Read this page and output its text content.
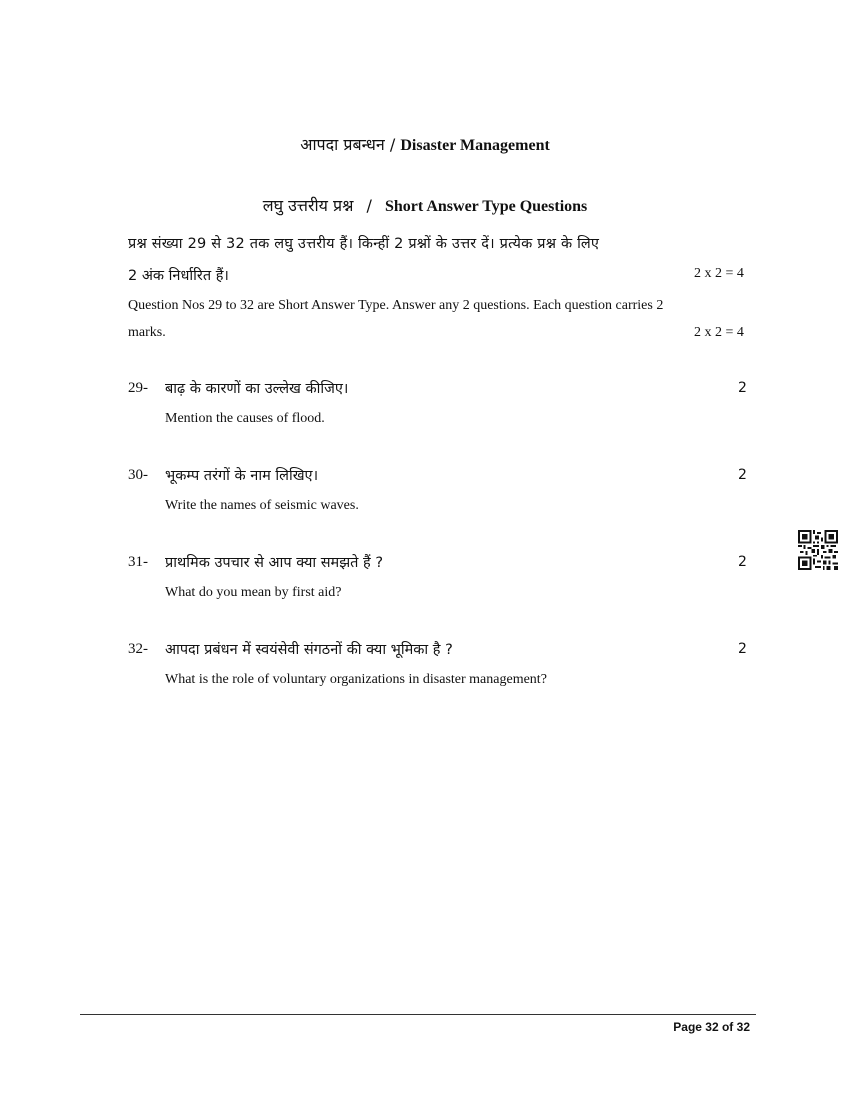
आपदा प्रबन्धन / Disaster Management
लघु उत्तरीय प्रश्न / Short Answer Type Questions
प्रश्न संख्या 29 से 32 तक लघु उत्तरीय हैं। किन्हीं 2 प्रश्नों के उत्तर दें। प्रत्येक प्रश्न के लिए
2 अंक निर्धारित हैं।	2 x 2 = 4
Question Nos 29 to 32 are Short Answer Type. Answer any 2 questions. Each question carries 2
marks.	2 x 2 = 4
29- बाढ़ के कारणों का उल्लेख कीजिए।	2
Mention the causes of flood.
30- भूकम्प तरंगों के नाम लिखिए।	2
Write the names of seismic waves.
31- प्राथमिक उपचार से आप क्या समझते हैं ?	2
What do you mean by first aid?
32- आपदा प्रबंधन में स्वयंसेवी संगठनों की क्या भूमिका है ?	2
What is the role of voluntary organizations in disaster management?
Page 32 of 32
